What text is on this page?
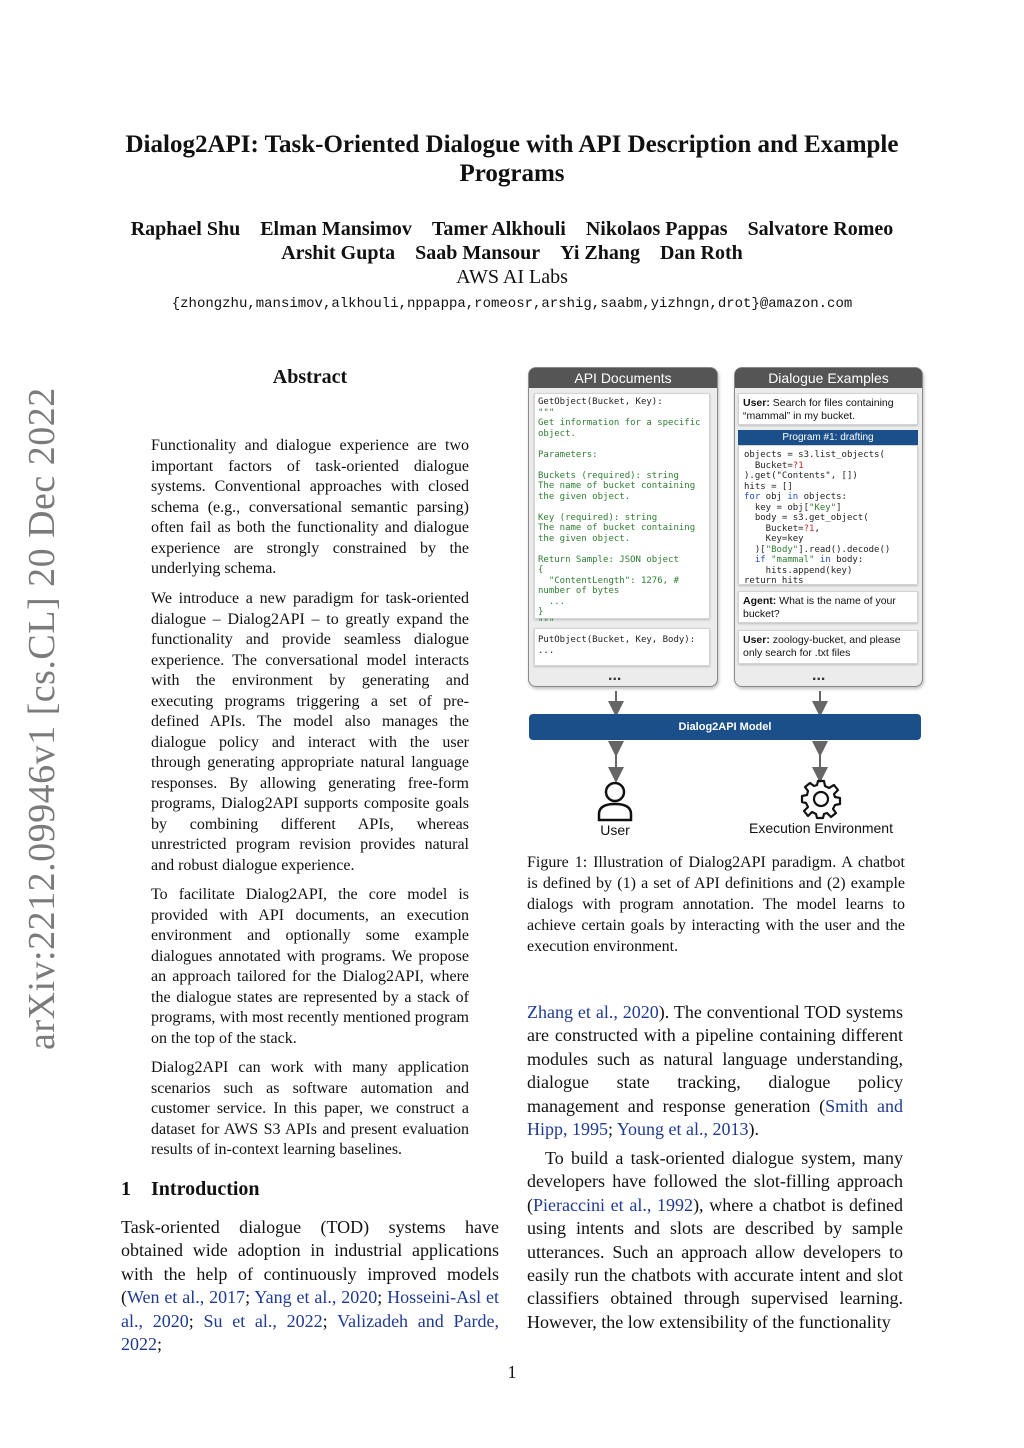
Dialog2API: Task-Oriented Dialogue with API Description and Example Programs
Raphael Shu Elman Mansimov Tamer Alkhouli Nikolaos Pappas Salvatore Romeo
Arshit Gupta Saab Mansour Yi Zhang Dan Roth
AWS AI Labs
{zhongzhu,mansimov,alkhouli,nppappa,romeosr,arshig,saabm,yizhngn,drot}@amazon.com
arXiv:2212.09946v1 [cs.CL] 20 Dec 2022
Abstract
Functionality and dialogue experience are two important factors of task-oriented dialogue systems. Conventional approaches with closed schema (e.g., conversational semantic parsing) often fail as both the functionality and dialogue experience are strongly constrained by the underlying schema.
We introduce a new paradigm for task-oriented dialogue – Dialog2API – to greatly expand the functionality and provide seamless dialogue experience. The conversational model interacts with the environment by generating and executing programs triggering a set of pre-defined APIs. The model also manages the dialogue policy and interact with the user through generating appropriate natural language responses. By allowing generating free-form programs, Dialog2API supports composite goals by combining different APIs, whereas unrestricted program revision provides natural and robust dialogue experience.
To facilitate Dialog2API, the core model is provided with API documents, an execution environment and optionally some example dialogues annotated with programs. We propose an approach tailored for the Dialog2API, where the dialogue states are represented by a stack of programs, with most recently mentioned program on the top of the stack.
Dialog2API can work with many application scenarios such as software automation and customer service. In this paper, we construct a dataset for AWS S3 APIs and present evaluation results of in-context learning baselines.
1 Introduction
Task-oriented dialogue (TOD) systems have obtained wide adoption in industrial applications with the help of continuously improved models (Wen et al., 2017; Yang et al., 2020; Hosseini-Asl et al., 2020; Su et al., 2022; Valizadeh and Parde, 2022;
Zhang et al., 2020). The conventional TOD systems are constructed with a pipeline containing different modules such as natural language understanding, dialogue state tracking, dialogue policy management and response generation (Smith and Hipp, 1995; Young et al., 2013).
To build a task-oriented dialogue system, many developers have followed the slot-filling approach (Pieraccini et al., 1992), where a chatbot is defined using intents and slots are described by sample utterances. Such an approach allow developers to easily run the chatbots with accurate intent and slot classifiers obtained through supervised learning. However, the low extensibility of the functionality
API Documents
GetObject(Bucket, Key):
"""
Get information for a specific
object.

Parameters:

Buckets (required): string
The name of bucket containing
the given object.

Key (required): string
The name of bucket containing
the given object.

Return Sample: JSON object
{
"ContentLength": 1276, #
number of bytes
...
}
"""
PutObject(Bucket, Key, Body):
...
...
Dialogue Examples
User: Search for files containing “mammal” in my bucket.
Program #1: drafting
objects = s3.list_objects(
Bucket=?1
).get("Contents", [])
hits = []
for obj in objects:
key = obj["Key"]
body = s3.get_object(
Bucket=?1,
Key=key
)["Body"].read().decode()
if "mammal" in body:
hits.append(key)
return hits
Agent: What is the name of your bucket?
User: zoology-bucket, and please only search for .txt files
...
Dialog2API Model
User	Execution Environment
Figure 1: Illustration of Dialog2API paradigm. A chatbot is defined by (1) a set of API definitions and (2) example dialogs with program annotation. The model learns to achieve certain goals by interacting with the user and the execution environment.
1
